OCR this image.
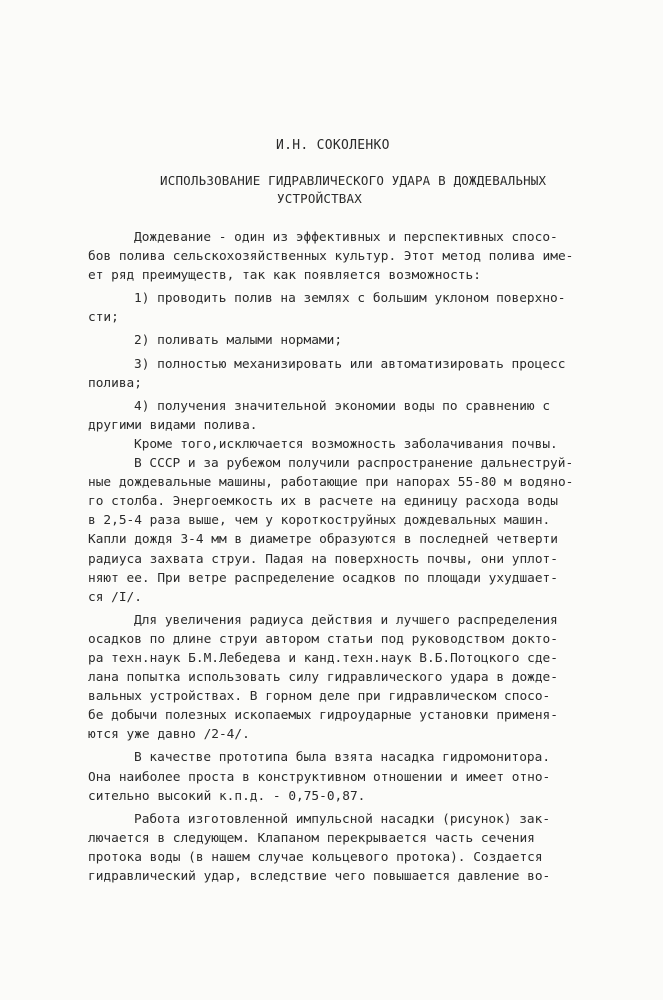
И.Н. СОКОЛЕНКО
ИСПОЛЬЗОВАНИЕ ГИДРАВЛИЧЕСКОГО УДАРА В ДОЖДЕВАЛЬНЫХ
УСТРОЙСТВАХ
Дождевание - один из эффективных и перспективных спосо-
бов полива сельскохозяйственных культур. Этот метод полива име-
ет ряд преимуществ, так как появляется возможность:
1) проводить полив на землях с большим уклоном поверхно-
сти;
2) поливать малыми нормами;
3) полностью механизировать или автоматизировать процесс
полива;
4) получения значительной экономии воды по сравнению с
другими видами полива.
Кроме того,исключается возможность заболачивания почвы.
В СССР и за рубежом получили распространение дальнеструй-
ные дождевальные машины, работающие при напорах 55-80 м водяно-
го столба. Энергоемкость их в расчете на единицу расхода воды
в 2,5-4 раза выше, чем у короткоструйных дождевальных машин.
Капли дождя 3-4 мм в диаметре образуются в последней четверти
радиуса захвата струи. Падая на поверхность почвы, они уплот-
няют ее. При ветре распределение осадков по площади ухудшает-
ся /I/.
Для увеличения радиуса действия и лучшего распределения
осадков по длине струи автором статьи под руководством докто-
ра техн.наук Б.М.Лебедева и канд.техн.наук В.Б.Потоцкого сде-
лана попытка использовать силу гидравлического удара в дожде-
вальных устройствах. В горном деле при гидравлическом спосо-
бе добычи полезных ископаемых гидроударные установки применя-
ются уже давно /2-4/.
В качестве прототипа была взята насадка гидромонитора.
Она наиболее проста в конструктивном отношении и имеет отно-
сительно высокий к.п.д. - 0,75-0,87.
Работа изготовленной импульсной насадки (рисунок) зак-
лючается в следующем. Клапаном перекрывается часть сечения
протока воды (в нашем случае кольцевого протока). Создается
гидравлический удар, вследствие чего повышается давление во-
